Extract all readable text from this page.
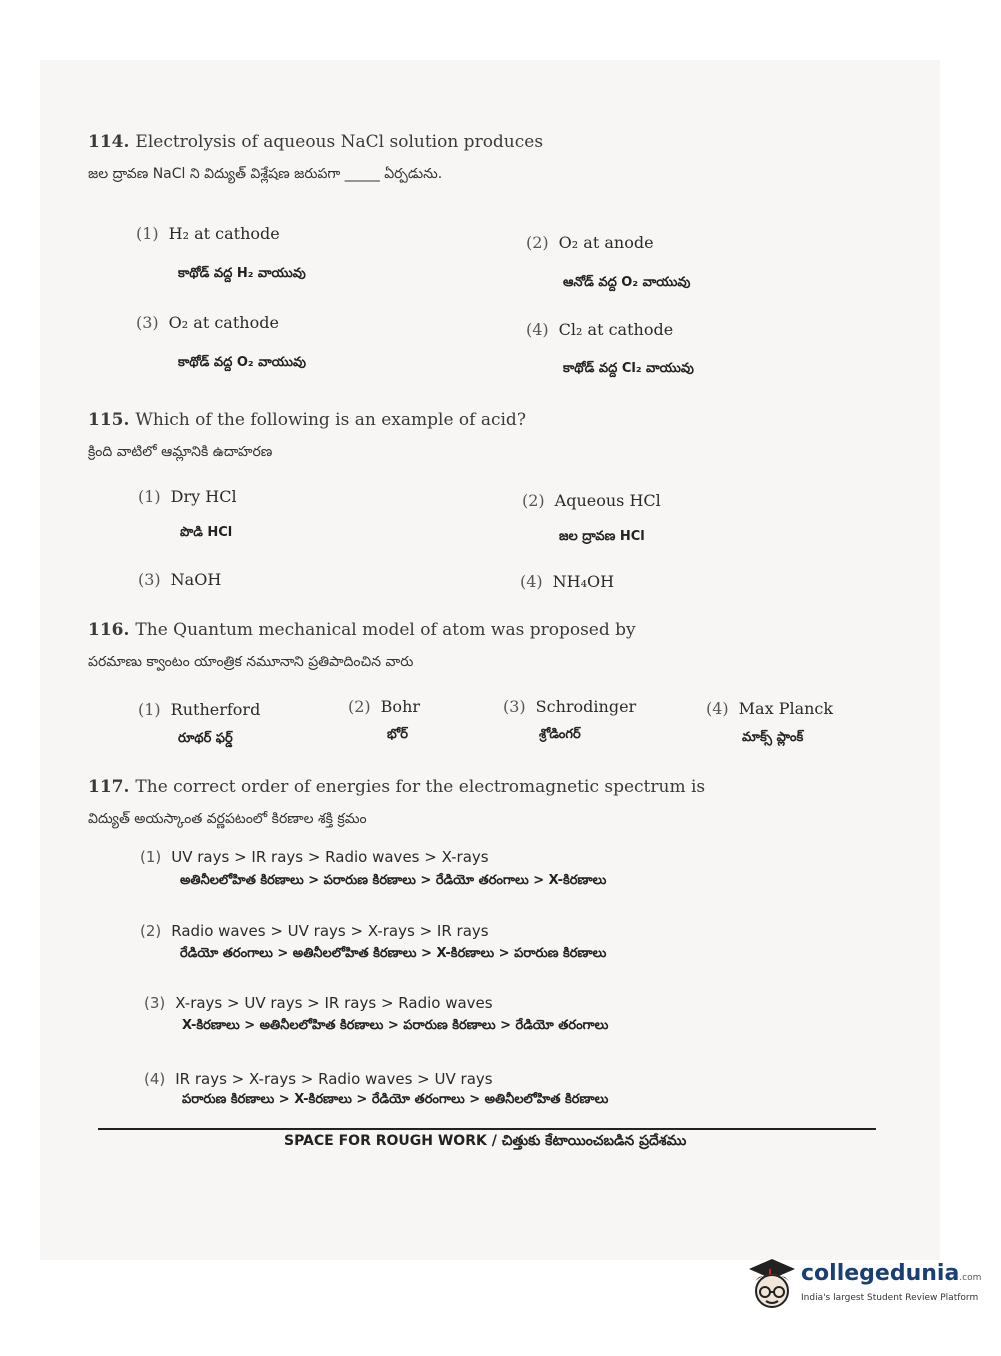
114. Electrolysis of aqueous NaCl solution produces
జల ద్రావణ NaCl ని విద్యుత్ విశ్లేషణ జరుపగా _____ ఏర్పడును.
(1) H₂ at cathode
కాథోడ్ వద్ద H₂ వాయువు
(2) O₂ at anode
ఆనోడ్ వద్ద O₂ వాయువు
(3) O₂ at cathode
కాథోడ్ వద్ద O₂ వాయువు
(4) Cl₂ at cathode
కాథోడ్ వద్ద Cl₂ వాయువు
115. Which of the following is an example of acid?
క్రింది వాటిలో ఆమ్లానికి ఉదాహరణ
(1) Dry HCl
పొడి HCl
(2) Aqueous HCl
జల ద్రావణ HCl
(3) NaOH	(4) NH₄OH
116. The Quantum mechanical model of atom was proposed by
పరమాణు క్వాంటం యాంత్రిక నమూనాని ప్రతిపాదించిన వారు
(1) Rutherford
రూథర్ ఫర్డ్
(2) Bohr
భోర్
(3) Schrodinger
శ్రోడింగర్
(4) Max Planck
మాక్స్ ప్లాంక్
117. The correct order of energies for the electromagnetic spectrum is
విద్యుత్ అయస్కాంత వర్ణపటంలో కిరణాల శక్తి క్రమం
(1) UV rays > IR rays > Radio waves > X-rays
అతినీలలోహిత కిరణాలు > పరారుణ కిరణాలు > రేడియో తరంగాలు > X-కిరణాలు
(2) Radio waves > UV rays > X-rays > IR rays
రేడియో తరంగాలు > అతినీలలోహిత కిరణాలు > X-కిరణాలు > పరారుణ కిరణాలు
(3) X-rays > UV rays > IR rays > Radio waves
X-కిరణాలు > అతినీలలోహిత కిరణాలు > పరారుణ కిరణాలు > రేడియో తరంగాలు
(4) IR rays > X-rays > Radio waves > UV rays
పరారుణ కిరణాలు > X-కిరణాలు > రేడియో తరంగాలు > అతినీలలోహిత కిరణాలు
SPACE FOR ROUGH WORK / చిత్తుకు కేటాయించబడిన ప్రదేశము
collegedunia.com
India's largest Student Review Platform
